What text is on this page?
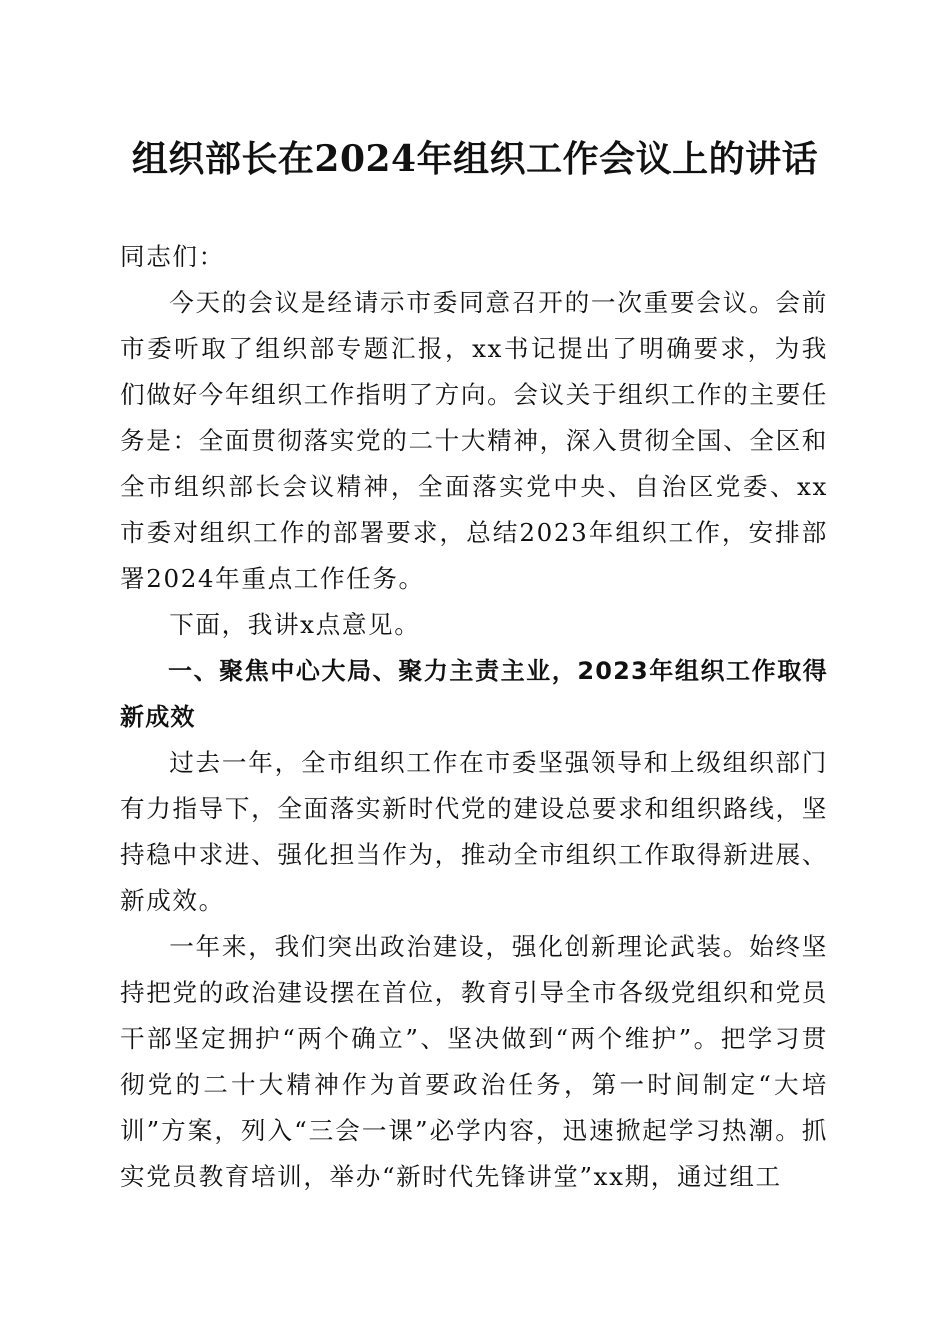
组织部长在2024年组织工作会议上的讲话

同志们：

今天的会议是经请示市委同意召开的一次重要会议。会前市委听取了组织部专题汇报，xx书记提出了明确要求，为我们做好今年组织工作指明了方向。会议关于组织工作的主要任务是：全面贯彻落实党的二十大精神，深入贯彻全国、全区和全市组织部长会议精神，全面落实党中央、自治区党委、xx市委对组织工作的部署要求，总结2023年组织工作，安排部署2024年重点工作任务。

下面，我讲x点意见。

一、聚焦中心大局、聚力主责主业，2023年组织工作取得新成效

过去一年，全市组织工作在市委坚强领导和上级组织部门有力指导下，全面落实新时代党的建设总要求和组织路线，坚持稳中求进、强化担当作为，推动全市组织工作取得新进展、新成效。

一年来，我们突出政治建设，强化创新理论武装。始终坚持把党的政治建设摆在首位，教育引导全市各级党组织和党员干部坚定拥护“两个确立”、坚决做到“两个维护”。把学习贯彻党的二十大精神作为首要政治任务，第一时间制定“大培训”方案，列入“三会一课”必学内容，迅速掀起学习热潮。抓实党员教育培训，举办“新时代先锋讲堂”xx期，通过组工
